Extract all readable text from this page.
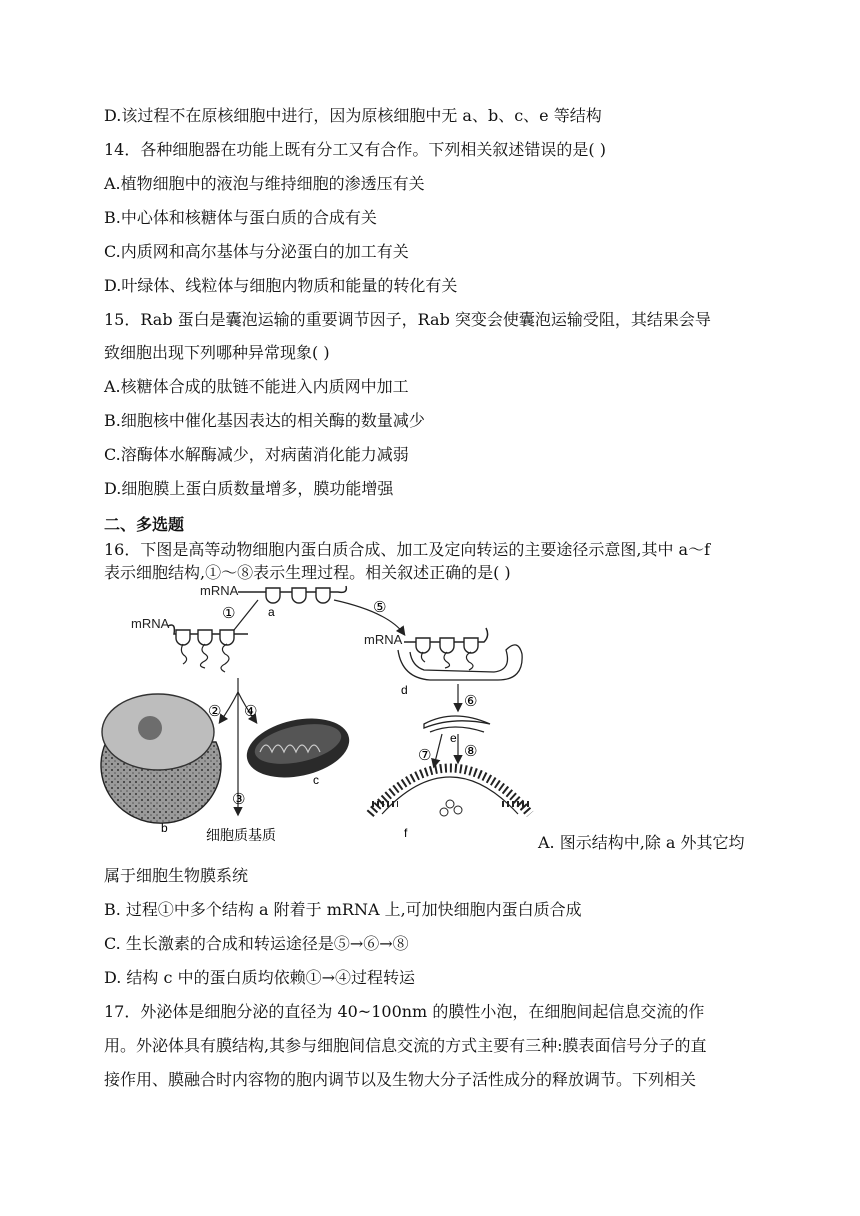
D.该过程不在原核细胞中进行，因为原核细胞中无 a、b、c、e 等结构
14．各种细胞器在功能上既有分工又有合作。下列相关叙述错误的是( )
A.植物细胞中的液泡与维持细胞的渗透压有关
B.中心体和核糖体与蛋白质的合成有关
C.内质网和高尔基体与分泌蛋白的加工有关
D.叶绿体、线粒体与细胞内物质和能量的转化有关
15．Rab 蛋白是囊泡运输的重要调节因子，Rab 突变会使囊泡运输受阻，其结果会导
致细胞出现下列哪种异常现象( )
A.核糖体合成的肽链不能进入内质网中加工
B.细胞核中催化基因表达的相关酶的数量减少
C.溶酶体水解酶减少，对病菌消化能力减弱
D.细胞膜上蛋白质数量增多，膜功能增强
二、多选题
16．下图是高等动物细胞内蛋白质合成、加工及定向转运的主要途径示意图,其中 a～f
表示细胞结构,①～⑧表示生理过程。相关叙述正确的是( )
mRNA
a
①	⑤
mRNA
② ④
③
细胞质基质
b
c
mRNA
d
⑥
e
⑦ ⑧
f	A. 图示结构中,除 a 外其它均
属于细胞生物膜系统
B. 过程①中多个结构 a 附着于 mRNA 上,可加快细胞内蛋白质合成
C. 生长激素的合成和转运途径是⑤→⑥→⑧
D. 结构 c 中的蛋白质均依赖①→④过程转运
17．外泌体是细胞分泌的直径为 40~100nm 的膜性小泡，在细胞间起信息交流的作
用。外泌体具有膜结构,其参与细胞间信息交流的方式主要有三种:膜表面信号分子的直
接作用、膜融合时内容物的胞内调节以及生物大分子活性成分的释放调节。下列相关
